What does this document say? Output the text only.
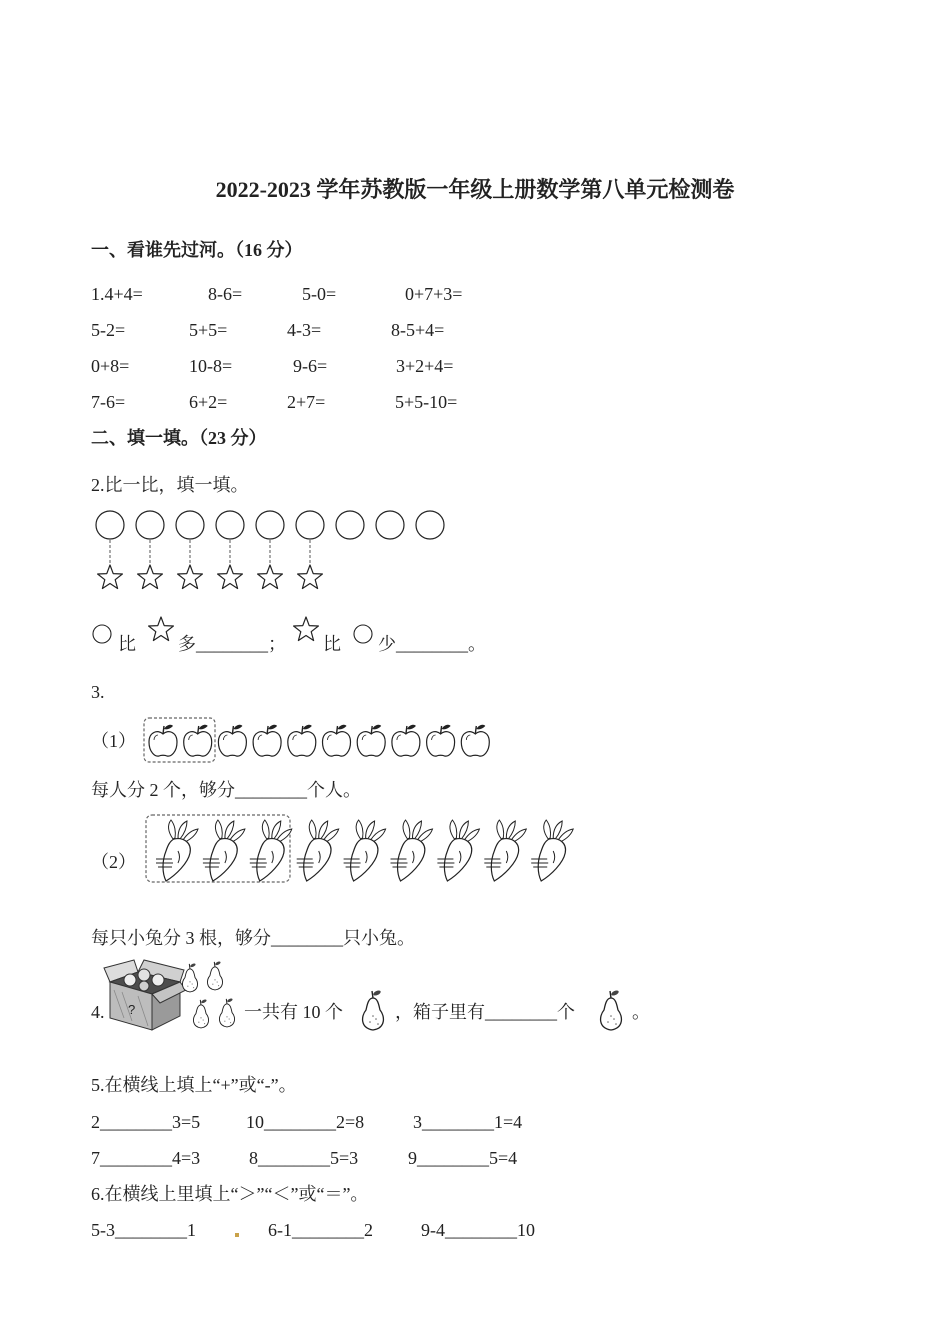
2022-2023 学年苏教版一年级上册数学第八单元检测卷
一、看谁先过河。（16 分）
1.4+4=	8-6=	5-0=	0+7+3=
5-2=	5+5=	4-3=	8-5+4=
0+8=	10-8=	9-6=	3+2+4=
7-6=	6+2=	2+7=	5+5-10=
二、填一填。（23 分）
2.比一比，填一填。
比 多________； 比 少________。
3.
（1）
每人分 2 个，够分________个人。
（2）
每只小兔分 3 根，够分________只小兔。
4. ?	一共有 10 个	，箱子里有________个	。
5.在横线上填上“+”或“-”。
2________3=5	10________2=8	3________1=4
7________4=3	8________5=3	9________5=4
6.在横线上里填上“＞”“＜”或“＝”。
5-3________1	6-1________2	9-4________10
